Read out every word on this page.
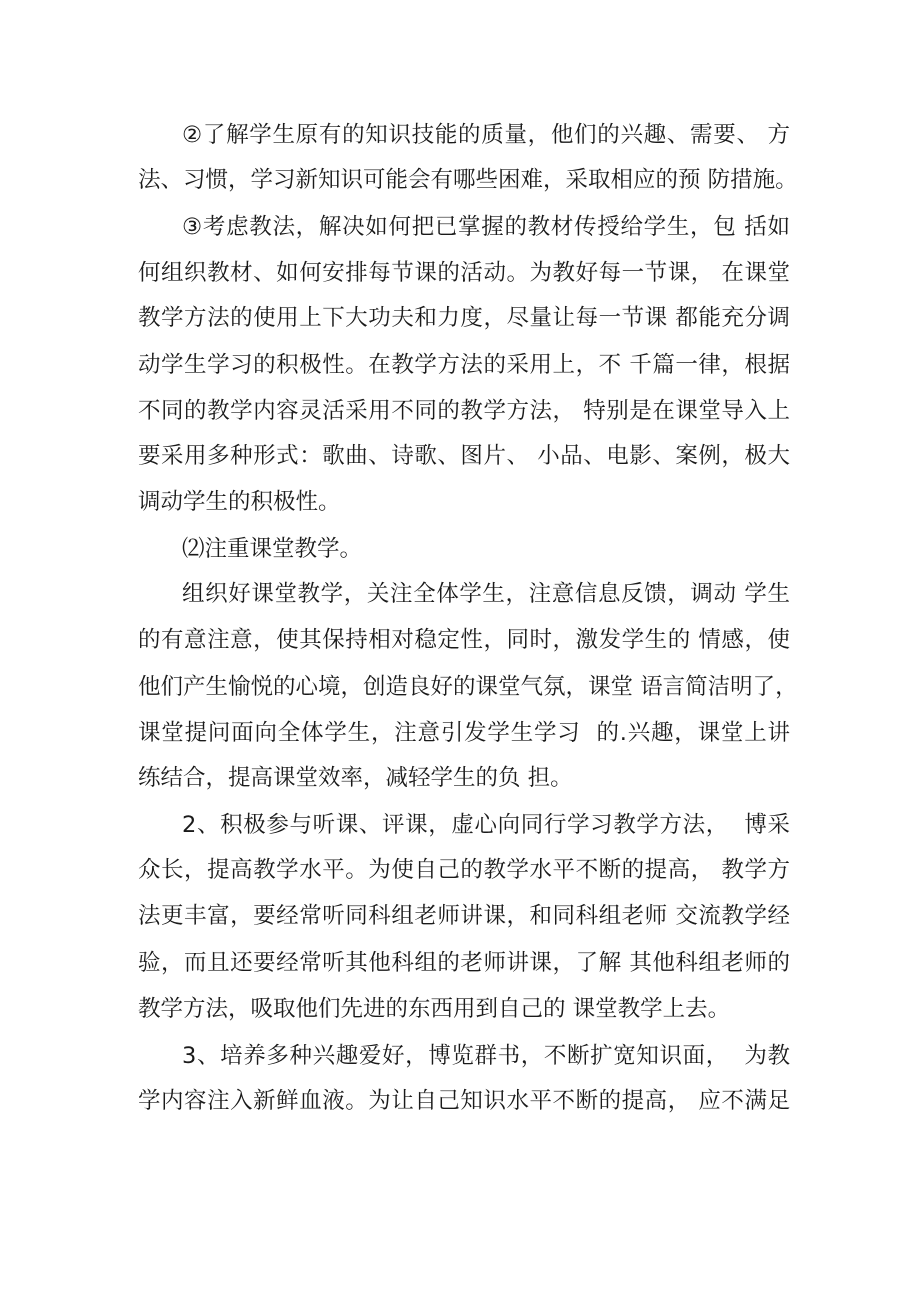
②了解学生原有的知识技能的质量，他们的兴趣、需要、 方

法、习惯，学习新知识可能会有哪些困难，采取相应的预 防措施。

③考虑教法，解决如何把已掌握的教材传授给学生，包 括如

何组织教材、如何安排每节课的活动。为教好每一节课， 在课堂

教学方法的使用上下大功夫和力度，尽量让每一节课 都能充分调

动学生学习的积极性。在教学方法的采用上，不 千篇一律，根据

不同的教学内容灵活采用不同的教学方法， 特别是在课堂导入上

要采用多种形式：歌曲、诗歌、图片、 小品、电影、案例，极大

调动学生的积极性。

⑵注重课堂教学。

组织好课堂教学，关注全体学生，注意信息反馈，调动 学生

的有意注意，使其保持相对稳定性，同时，激发学生的 情感，使

他们产生愉悦的心境，创造良好的课堂气氛，课堂 语言简洁明了，

课堂提问面向全体学生，注意引发学生学习  的.兴趣，课堂上讲

练结合，提高课堂效率，减轻学生的负 担。

2、积极参与听课、评课，虚心向同行学习教学方法，  博采

众长，提高教学水平。为使自己的教学水平不断的提高， 教学方

法更丰富，要经常听同科组老师讲课，和同科组老师 交流教学经

验，而且还要经常听其他科组的老师讲课，了解 其他科组老师的

教学方法，吸取他们先进的东西用到自己的 课堂教学上去。

3、培养多种兴趣爱好，博览群书，不断扩宽知识面，  为教

学内容注入新鲜血液。为让自己知识水平不断的提高， 应不满足
